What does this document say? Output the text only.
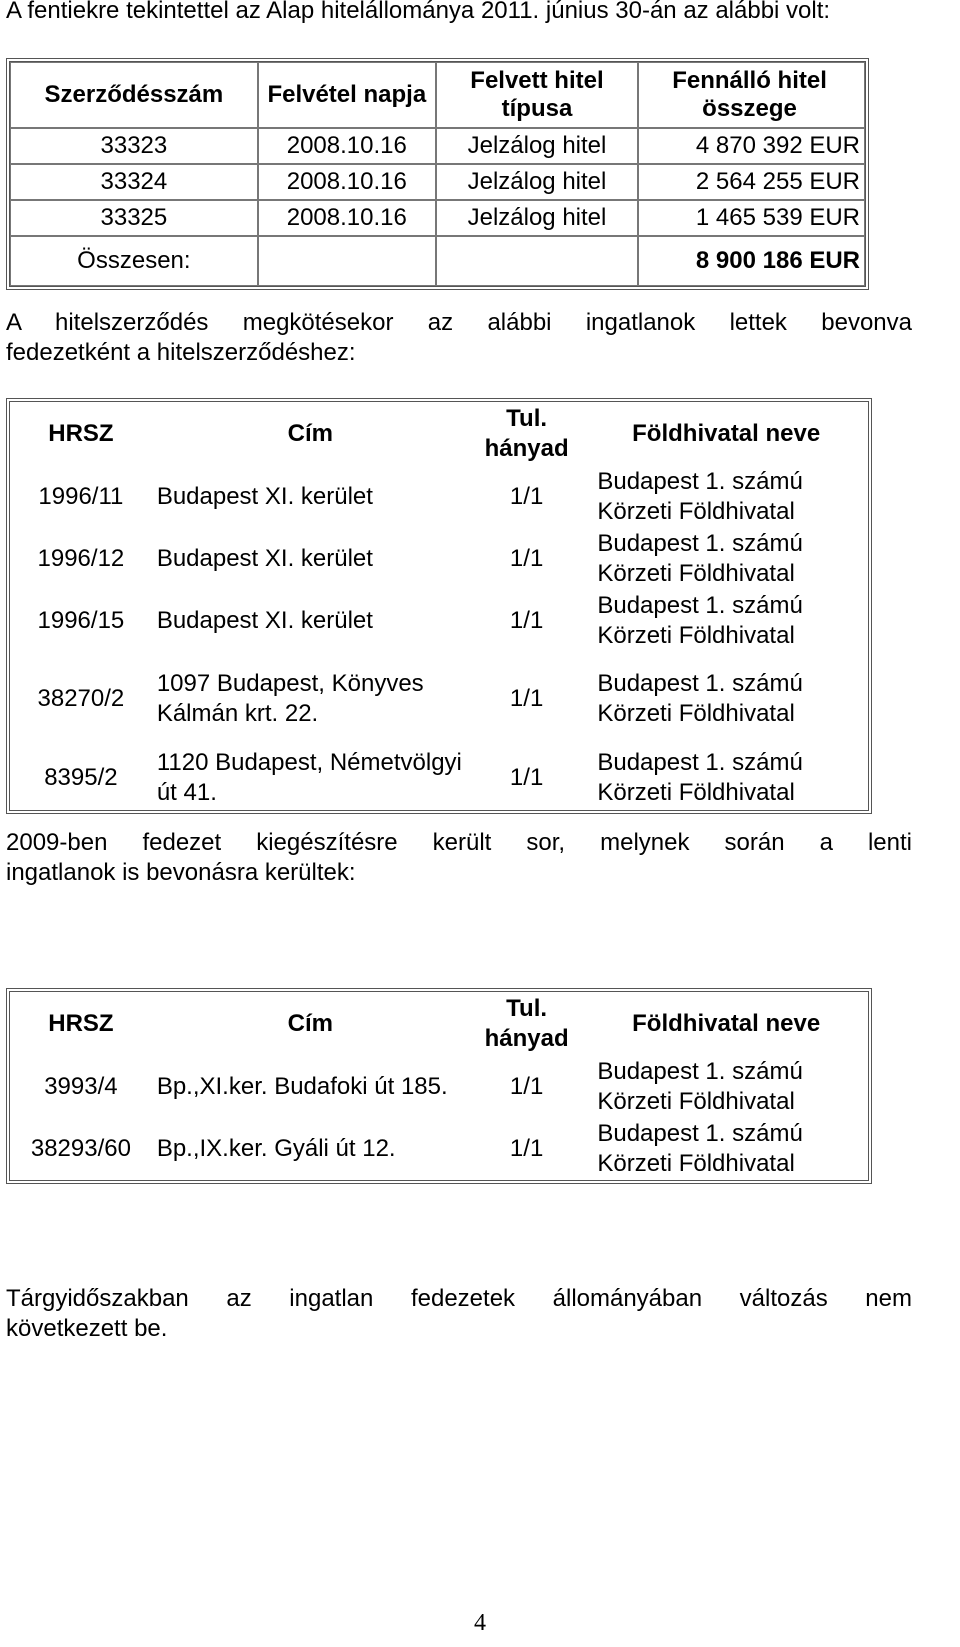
A fentiekre tekintettel az Alap hitelállománya 2011. június 30-án az alábbi volt:
Szerződésszám	Felvétel napja	Felvett hitel típusa	Fennálló hitel összege
33323	2008.10.16	Jelzálog hitel	4 870 392 EUR
33324	2008.10.16	Jelzálog hitel	2 564 255 EUR
33325	2008.10.16	Jelzálog hitel	1 465 539 EUR
Összesen:			8 900 186 EUR
A hitelszerződés megkötésekor az alábbi ingatlanok lettek bevonva
fedezetként a hitelszerződéshez:
HRSZ	Cím	Tul. hányad	Földhivatal neve
1996/11	Budapest XI. kerület	1/1	Budapest 1. számú Körzeti Földhivatal
1996/12	Budapest XI. kerület	1/1	Budapest 1. számú Körzeti Földhivatal
1996/15	Budapest XI. kerület	1/1	Budapest 1. számú Körzeti Földhivatal
38270/2	1097 Budapest, Könyves Kálmán krt. 22.	1/1	Budapest 1. számú Körzeti Földhivatal
8395/2	1120 Budapest, Németvölgyi út 41.	1/1	Budapest 1. számú Körzeti Földhivatal
2009-ben fedezet kiegészítésre került sor, melynek során a lenti
ingatlanok is bevonásra kerültek:
HRSZ	Cím	Tul. hányad	Földhivatal neve
3993/4	Bp.,XI.ker. Budafoki út 185.	1/1	Budapest 1. számú Körzeti Földhivatal
38293/60	Bp.,IX.ker. Gyáli út 12.	1/1	Budapest 1. számú Körzeti Földhivatal
Tárgyidőszakban az ingatlan fedezetek állományában változás nem
következett be.
4
